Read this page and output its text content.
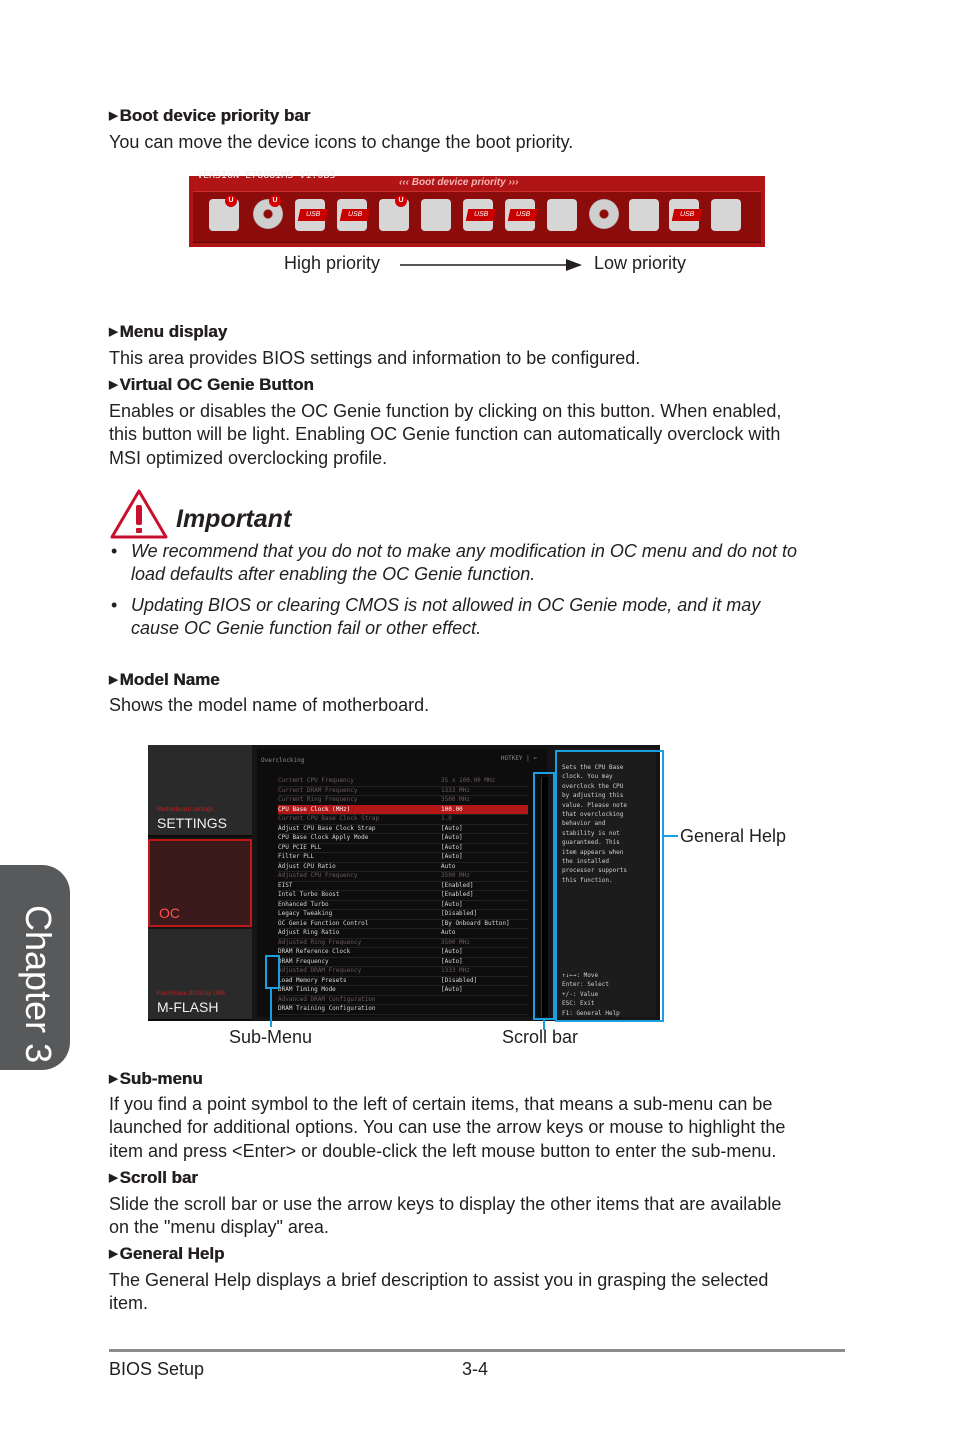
Chapter 3
▶ Boot device priority bar
You can move the device icons to change the boot priority.
VERSION E7888IMS V1.0B3
‹‹‹ Boot device priority ›››
U	U
USB	USB
U
USB	USB	USB
High priority	Low priority
▶ Menu display
This area provides BIOS settings and information to be configured.
▶ Virtual OC Genie Button
Enables or disables the OC Genie function by clicking on this button. When enabled,
this button will be light. Enabling OC Genie function can automatically overclock with
MSI optimized overclocking profile.
Important
• We recommend that you do not to make any modification in OC menu and do not to
load defaults after enabling the OC Genie function.
• Updating BIOS or clearing CMOS is not allowed in OC Genie mode, and it may
cause OC Genie function fail or other effect.
▶ Model Name
Shows the model name of motherboard.
Motherboard settings
SETTINGS
OC
Flash/Save BIOS by USB
M-FLASH
Overclocking	HOTKEY | ↶
Current CPU Frequency	35 x 100.00 MHz
Current DRAM Frequency	1333 MHz
Current Ring Frequency	3500 MHz
CPU Base Clock (MHz)	100.00
Current CPU Base Clock Strap	1.0
Adjust CPU Base Clock Strap	[Auto]
CPU Base Clock Apply Mode	[Auto]
CPU PCIE PLL	[Auto]
Filter PLL	[Auto]
Adjust CPU Ratio	Auto
Adjusted CPU Frequency	3500 MHz
EIST	[Enabled]
Intel Turbo Boost	[Enabled]
Enhanced Turbo	[Auto]
Legacy Tweaking	[Disabled]
OC Genie Function Control	[By Onboard Button]
Adjust Ring Ratio	Auto
Adjusted Ring Frequency	3500 MHz
DRAM Reference Clock	[Auto]
DRAM Frequency	[Auto]
Adjusted DRAM Frequency	1333 MHz
Load Memory Presets	[Disabled]
DRAM Timing Mode	[Auto]
Advanced DRAM Configuration
DRAM Training Configuration
Sets the CPU Base
clock. You may
overclock the CPU
by adjusting this
value. Please note
that overclocking
behavior and
stability is not
guaranteed. This
item appears when
the installed
processor supports
this function.
↑↓←→: Move
Enter: Select
+/-: Value
ESC: Exit
F1: General Help
General Help
Scroll bar
Sub-Menu
▶ Sub-menu
If you find a point symbol to the left of certain items, that means a sub-menu can be
launched for additional options. You can use the arrow keys or mouse to highlight the
item and press <Enter> or double-click the left mouse button to enter the sub-menu.
▶ Scroll bar
Slide the scroll bar or use the arrow keys to display the other items that are available
on the "menu display" area.
▶ General Help
The General Help displays a brief description to assist you in grasping the selected
item.
BIOS Setup	3-4
